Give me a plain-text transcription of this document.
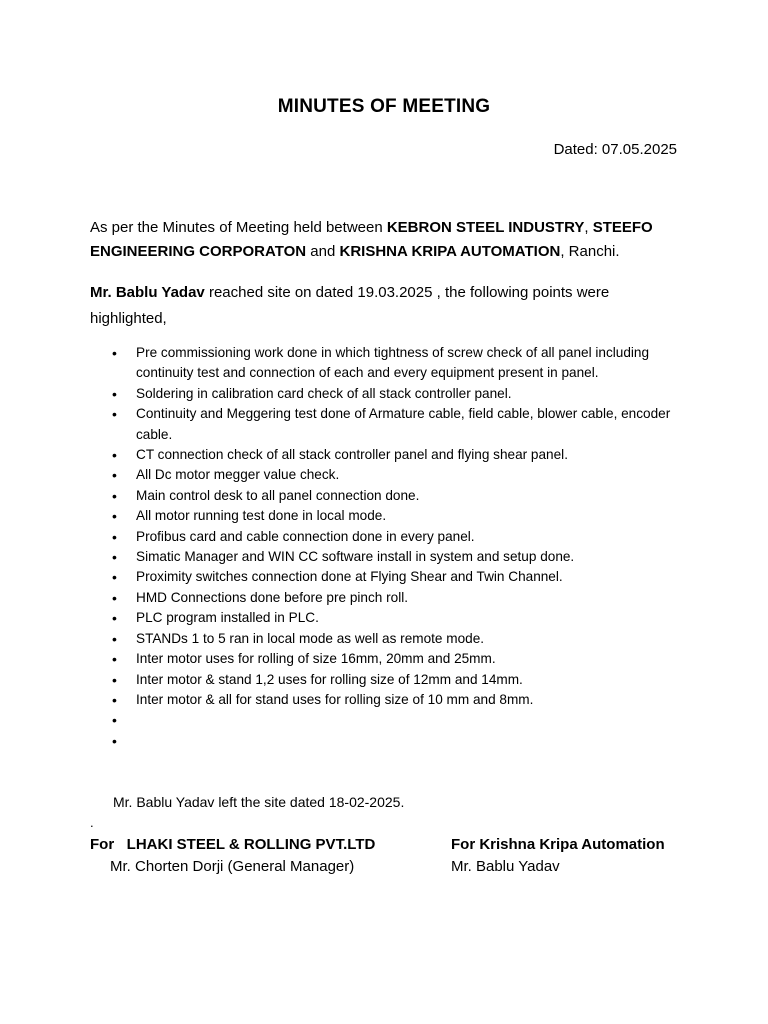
MINUTES OF MEETING
Dated: 07.05.2025
As per the Minutes of Meeting held between KEBRON STEEL INDUSTRY, STEEFO ENGINEERING CORPORATON and KRISHNA KRIPA AUTOMATION, Ranchi.
Mr. Bablu Yadav reached site on dated 19.03.2025 , the following points were highlighted,
• Pre commissioning work done in which tightness of screw check of all panel including continuity test and connection of each and every equipment present in panel.
• Soldering in calibration card check of all stack controller panel.
• Continuity and Meggering test done of Armature cable, field cable, blower cable, encoder cable.
• CT connection check of all stack controller panel and flying shear panel.
• All Dc motor megger value check.
• Main control desk to all panel connection done.
• All motor running test done in local mode.
• Profibus card and cable connection done in every panel.
• Simatic Manager and WIN CC software install in system and setup done.
• Proximity switches connection done at Flying Shear and Twin Channel.
• HMD Connections done before pre pinch roll.
• PLC program installed in PLC.
• STANDs 1 to 5 ran in local mode as well as remote mode.
• Inter motor uses for rolling of size 16mm, 20mm and 25mm.
• Inter motor & stand 1,2 uses for rolling size of 12mm and 14mm.
• Inter motor & all for stand uses for rolling size of 10 mm and 8mm.
•
•
Mr. Bablu Yadav left the site dated 18-02-2025.
.
For   LHAKI STEEL & ROLLING PVT.LTD
Mr. Chorten Dorji (General Manager)
For Krishna Kripa Automation
Mr. Bablu Yadav
